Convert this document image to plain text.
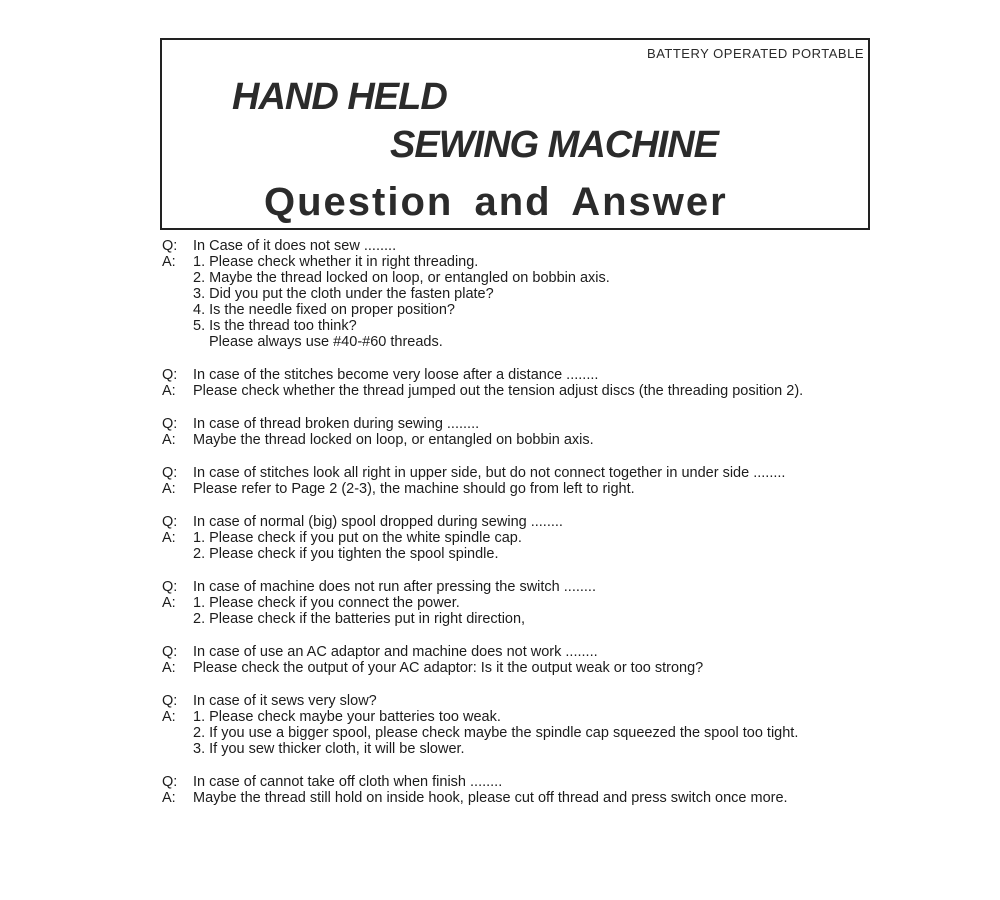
BATTERY OPERATED PORTABLE
HAND HELD
SEWING MACHINE
Question and Answer
Q:	In Case of it does not sew ........
A:	1. Please check whether it in right threading.
2. Maybe the thread locked on loop, or entangled on bobbin axis.
3. Did you put the cloth under the fasten plate?
4. Is the needle fixed on proper position?
5. Is the thread too think?
Please always use #40-#60 threads.
Q:	In case of the stitches become very loose after a distance ........
A:	Please check whether the thread jumped out the tension adjust discs (the threading position 2).
Q:	In case of thread broken during sewing ........
A:	Maybe the thread locked on loop, or entangled on bobbin axis.
Q:	In case of stitches look all right in upper side, but do not connect together in under side ........
A:	Please refer to Page 2 (2-3), the machine should go from left to right.
Q:	In case of normal (big) spool dropped during sewing ........
A:	1. Please check if you put on the white spindle cap.
2. Please check if you tighten the spool spindle.
Q:	In case of machine does not run after pressing the switch ........
A:	1. Please check if you connect the power.
2. Please check if the batteries put in right direction,
Q:	In case of use an AC adaptor and machine does not work ........
A:	Please check the output of your AC adaptor: Is it the output weak or too strong?
Q:	In case of it sews very slow?
A:	1. Please check maybe your batteries too weak.
2. If you use a bigger spool, please check maybe the spindle cap squeezed the spool too tight.
3. If you sew thicker cloth, it will be slower.
Q:	In case of cannot take off cloth when finish ........
A:	Maybe the thread still hold on inside hook, please cut off thread and press switch once more.
